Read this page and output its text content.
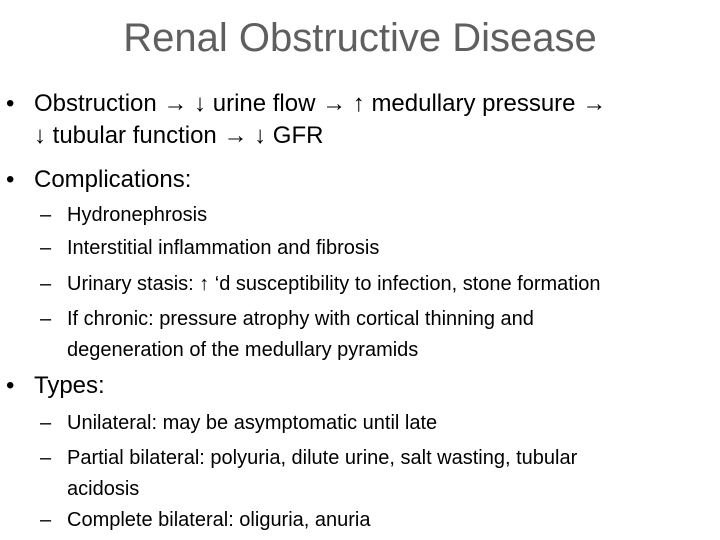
Renal Obstructive Disease
• Obstruction → ↓ urine flow → ↑ medullary pressure →
↓ tubular function → ↓ GFR
• Complications:
– Hydronephrosis
– Interstitial inflammation and fibrosis
– Urinary stasis: ↑ ‘d susceptibility to infection, stone formation
– If chronic: pressure atrophy with cortical thinning and
degeneration of the medullary pyramids
• Types:
– Unilateral: may be asymptomatic until late
– Partial bilateral: polyuria, dilute urine, salt wasting, tubular
acidosis
– Complete bilateral: oliguria, anuria
